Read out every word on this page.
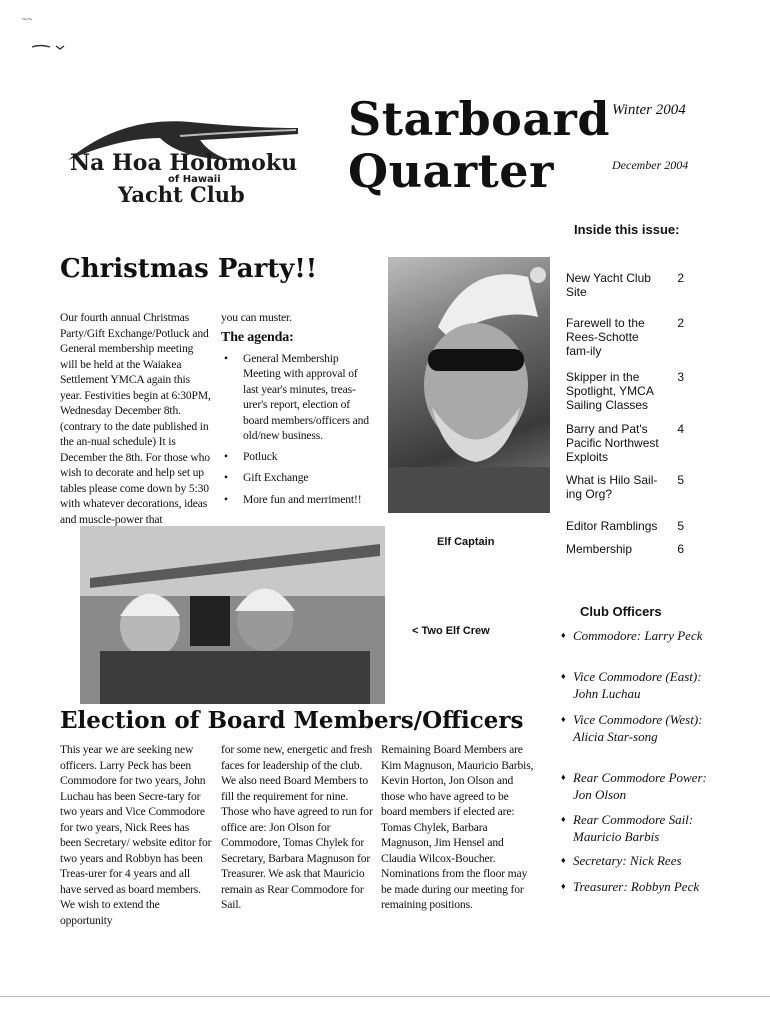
~~
Na Hoa Holomoku
of Hawaii
Yacht Club
Starboard
Quarter
Winter 2004
December 2004
Inside this issue:
New Yacht Club Site
2
Farewell to the Rees-Schotte fam-ily
2
Skipper in the Spotlight, YMCA Sailing Classes
3
Barry and Pat's Pacific Northwest Exploits
4
What is Hilo Sail-ing Org?
5
Editor Ramblings	5
Membership	6
Christmas Party!!
Our fourth annual Christmas Party/Gift Exchange/Potluck and General membership meeting will be held at the Waiakea Settlement YMCA again this year. Festivities begin at 6:30PM, Wednesday December 8th. (contrary to the date published in the an-nual schedule) It is December the 8th. For those who wish to decorate and help set up tables please come down by 5:30 with whatever decorations, ideas and muscle-power that

you can muster.

The agenda:

• General Membership Meeting with approval of last year's minutes, treas-urer's report, election of board members/officers and old/new business.
• Potluck
• Gift Exchange
• More fun and merriment!!
Elf Captain
< Two Elf Crew
Election of Board Members/Officers
This year we are seeking new officers. Larry Peck has been Commodore for two years, John Luchau has been Secre-tary for two years and Vice Commodore for two years, Nick Rees has been Secretary/ website editor for two years and Robbyn has been Treas-urer for 4 years and all have served as board members. We wish to extend the opportunity
for some new, energetic and fresh faces for leadership of the club. We also need Board Members to fill the requirement for nine. Those who have agreed to run for office are: Jon Olson for Commodore, Tomas Chylek for Secretary, Barbara Magnuson for Treasurer. We ask that Mauricio remain as Rear Commodore for Sail.
Remaining Board Members are Kim Magnuson, Mauricio Barbis, Kevin Horton, Jon Olson and those who have agreed to be board members if elected are: Tomas Chylek, Barbara Magnuson, Jim Hensel and Claudia Wilcox-Boucher. Nominations from the floor may be made during our meeting for remaining positions.
Club Officers
♦ Commodore: Larry Peck
♦ Vice Commodore (East): John Luchau
♦ Vice Commodore (West): Alicia Star-song
♦ Rear Commodore Power: Jon Olson
♦ Rear Commodore Sail: Mauricio Barbis
♦ Secretary: Nick Rees
♦ Treasurer: Robbyn Peck
